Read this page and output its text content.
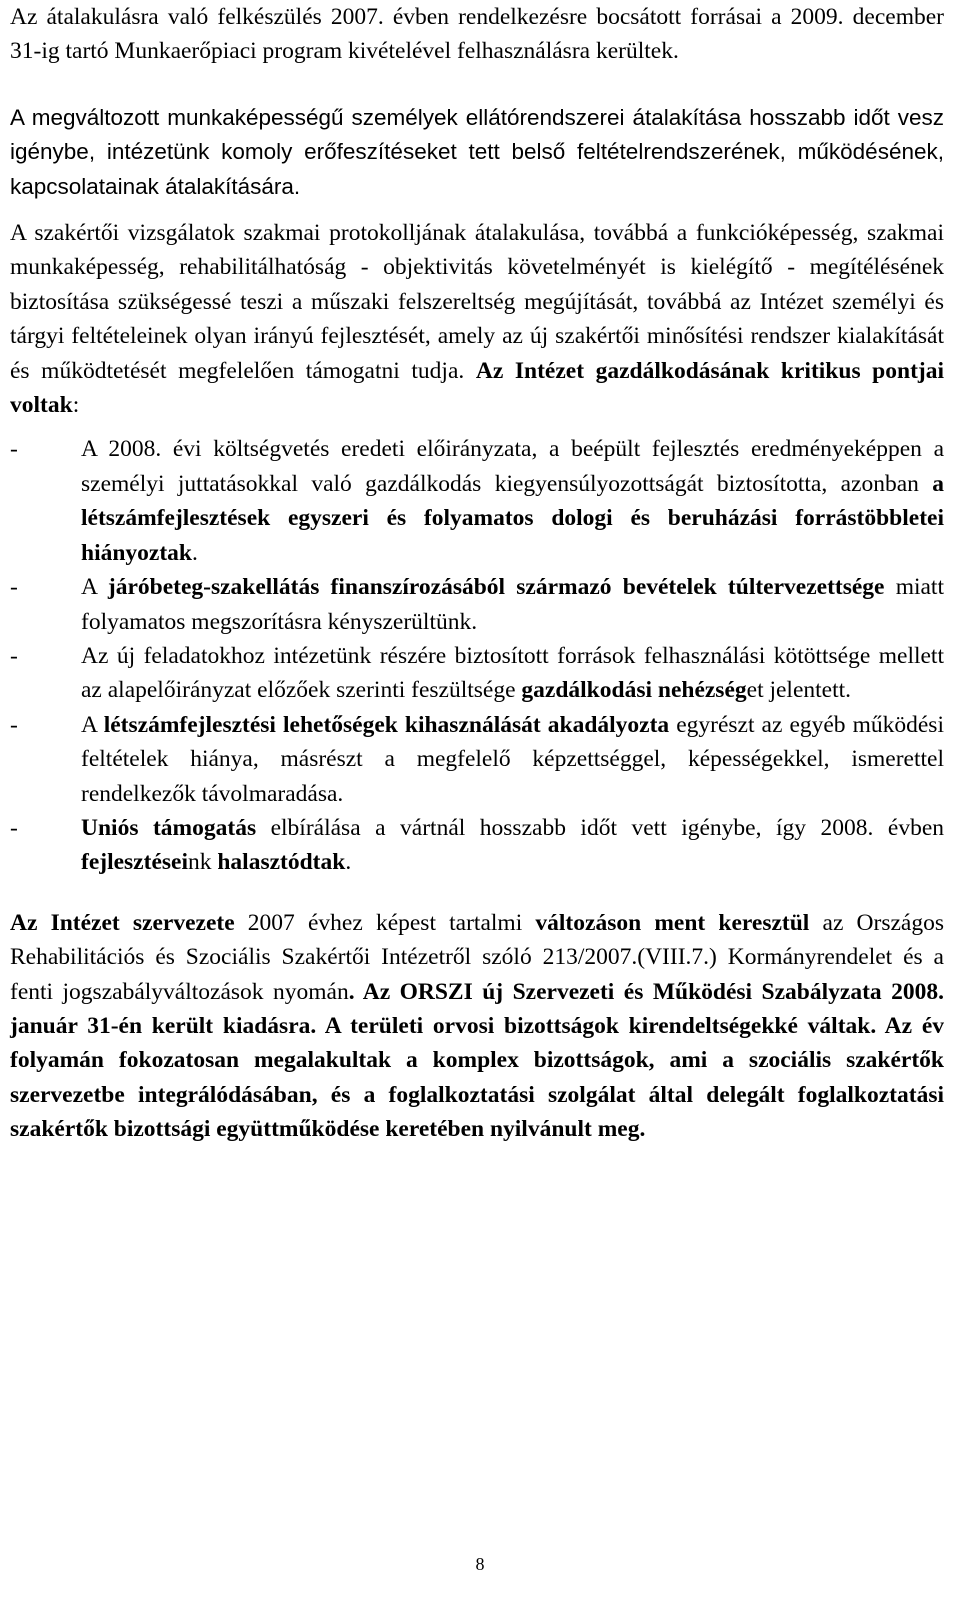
Az átalakulásra való felkészülés 2007. évben rendelkezésre bocsátott forrásai a 2009. december 31-ig tartó Munkaerőpiaci program kivételével felhasználásra kerültek.

A megváltozott munkaképességű személyek ellátórendszerei átalakítása hosszabb időt vesz igénybe, intézetünk komoly erőfeszítéseket tett belső feltételrendszerének, működésének, kapcsolatainak átalakítására.

A szakértői vizsgálatok szakmai protokolljának átalakulása, továbbá a funkcióképesség, szakmai munkaképesség, rehabilitálhatóság - objektivitás követelményét is kielégítő - megítélésének biztosítása szükségessé teszi a műszaki felszereltség megújítását, továbbá az Intézet személyi és tárgyi feltételeinek olyan irányú fejlesztését, amely az új szakértői minősítési rendszer kialakítását és működtetését megfelelően támogatni tudja. Az Intézet gazdálkodásának kritikus pontjai voltak:

-	A 2008. évi költségvetés eredeti előirányzata, a beépült fejlesztés eredményeképpen a személyi juttatásokkal való gazdálkodás kiegyensúlyozottságát biztosította, azonban a létszámfejlesztések egyszeri és folyamatos dologi és beruházási forrástöbbletei hiányoztak.
-	A járóbeteg-szakellátás finanszírozásából származó bevételek túltervezettsége miatt folyamatos megszorításra kényszerültünk.
-	Az új feladatokhoz intézetünk részére biztosított források felhasználási kötöttsége mellett az alapelőirányzat előzőek szerinti feszültsége gazdálkodási nehézséget jelentett.
-	A létszámfejlesztési lehetőségek kihasználását akadályozta egyrészt az egyéb működési feltételek hiánya, másrészt a megfelelő képzettséggel, képességekkel, ismerettel rendelkezők távolmaradása.
-	Uniós támogatás elbírálása a vártnál hosszabb időt vett igénybe, így 2008. évben fejlesztéseink halasztódtak.

Az Intézet szervezete 2007 évhez képest tartalmi változáson ment keresztül az Országos Rehabilitációs és Szociális Szakértői Intézetről szóló 213/2007.(VIII.7.) Kormányrendelet és a fenti jogszabályváltozások nyomán. Az ORSZI új Szervezeti és Működési Szabályzata 2008. január 31-én került kiadásra. A területi orvosi bizottságok kirendeltségekké váltak. Az év folyamán fokozatosan megalakultak a komplex bizottságok, ami a szociális szakértők szervezetbe integrálódásában, és a foglalkoztatási szolgálat által delegált foglalkoztatási szakértők bizottsági együttműködése keretében nyilvánult meg.

8
